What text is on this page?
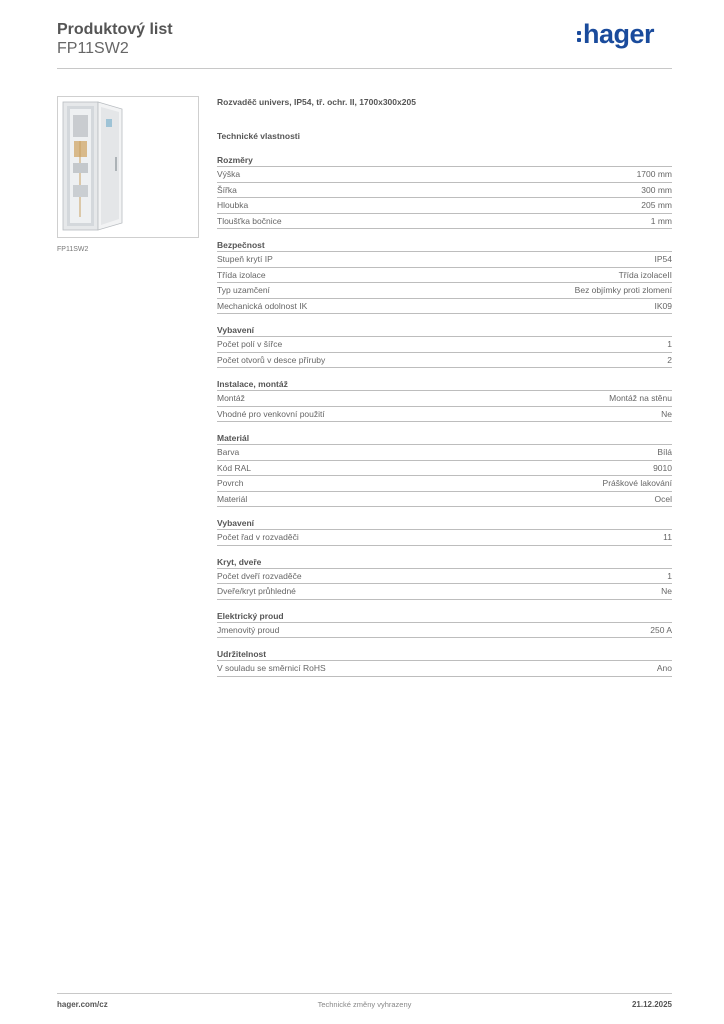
Produktový list
FP11SW2	hager
FP11SW2
Rozvaděč univers, IP54, tř. ochr. II, 1700x300x205
Technické vlastnosti
Rozměry
Výška	1700 mm
Šířka	300 mm
Hloubka	205 mm
Tloušťka bočnice	1 mm
Bezpečnost
Stupeň krytí IP	IP54
Třída izolace	Třída izolaceII
Typ uzamčení	Bez objímky proti zlomení
Mechanická odolnost IK	IK09
Vybavení
Počet polí v šířce	1
Počet otvorů v desce příruby	2
Instalace, montáž
Montáž	Montáž na stěnu
Vhodné pro venkovní použití	Ne
Materiál
Barva	Bílá
Kód RAL	9010
Povrch	Práškové lakování
Materiál	Ocel
Vybavení
Počet řad v rozvaděči	11
Kryt, dveře
Počet dveří rozvaděče	1
Dveře/kryt průhledné	Ne
Elektrický proud
Jmenovitý proud	250 A
Udržitelnost
V souladu se směrnicí RoHS	Ano
hager.com/cz	Technické změny vyhrazeny	21.12.2025
